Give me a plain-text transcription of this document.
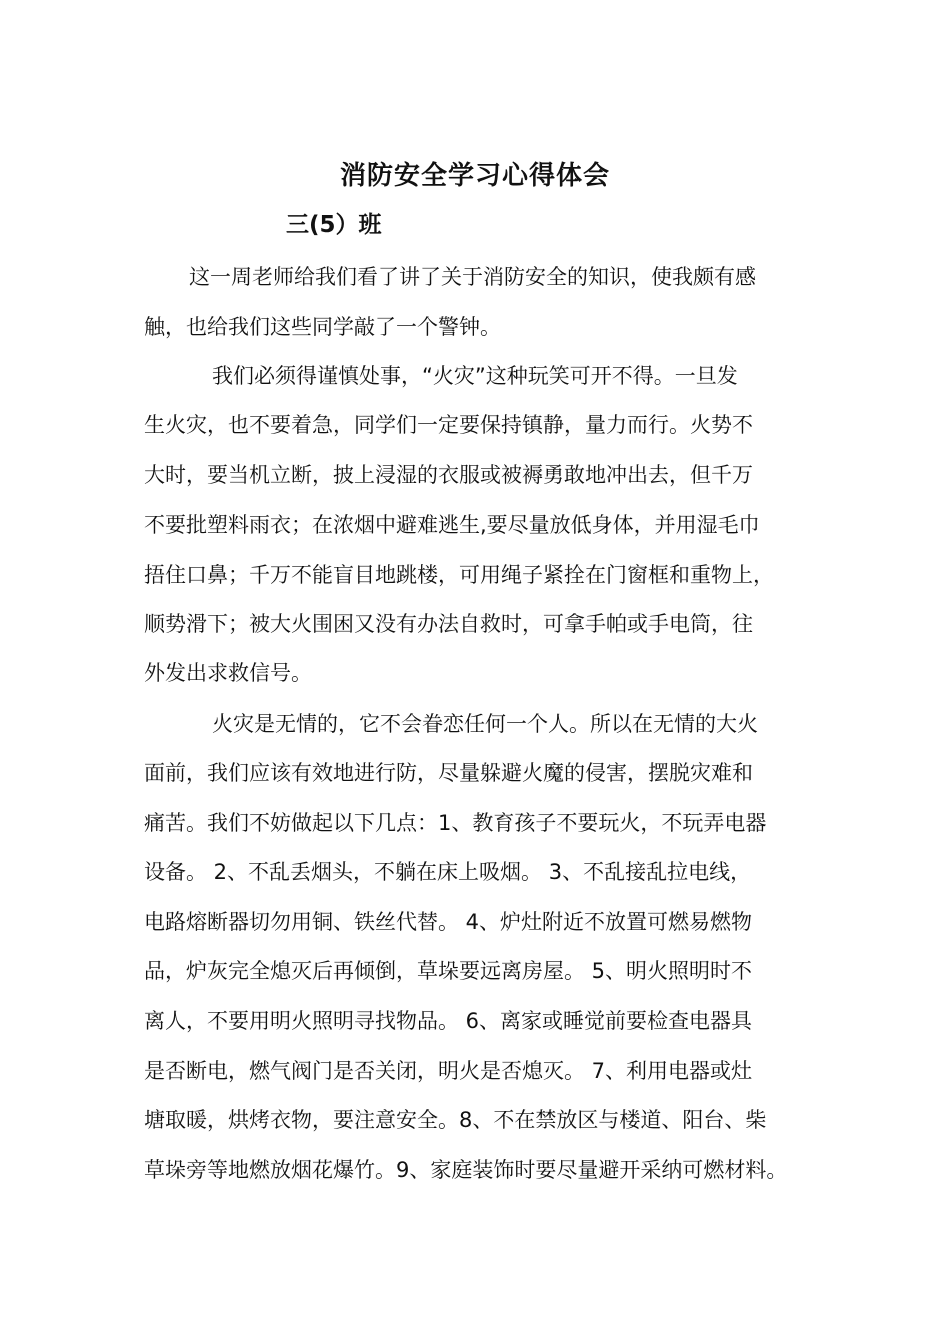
消防安全学习心得体会
三(5）班
这一周老师给我们看了讲了关于消防安全的知识，使我颇有感
触，也给我们这些同学敲了一个警钟。
我们必须得谨慎处事，“火灾”这种玩笑可开不得。一旦发
生火灾，也不要着急，同学们一定要保持镇静，量力而行。火势不
大时，要当机立断，披上浸湿的衣服或被褥勇敢地冲出去，但千万
不要批塑料雨衣；在浓烟中避难逃生,要尽量放低身体，并用湿毛巾
捂住口鼻；千万不能盲目地跳楼，可用绳子紧拴在门窗框和重物上，
顺势滑下；被大火围困又没有办法自救时，可拿手帕或手电筒，往
外发出求救信号。
火灾是无情的，它不会眷恋任何一个人。所以在无情的大火
面前，我们应该有效地进行防，尽量躲避火魔的侵害，摆脱灾难和
痛苦。我们不妨做起以下几点：1、教育孩子不要玩火，不玩弄电器
设备。 2、不乱丢烟头，不躺在床上吸烟。 3、不乱接乱拉电线，
电路熔断器切勿用铜、铁丝代替。 4、炉灶附近不放置可燃易燃物
品，炉灰完全熄灭后再倾倒，草垛要远离房屋。 5、明火照明时不
离人，不要用明火照明寻找物品。 6、离家或睡觉前要检查电器具
是否断电，燃气阀门是否关闭，明火是否熄灭。 7、利用电器或灶
塘取暖，烘烤衣物，要注意安全。8、不在禁放区与楼道、阳台、柴
草垛旁等地燃放烟花爆竹。9、家庭装饰时要尽量避开采纳可燃材料。
